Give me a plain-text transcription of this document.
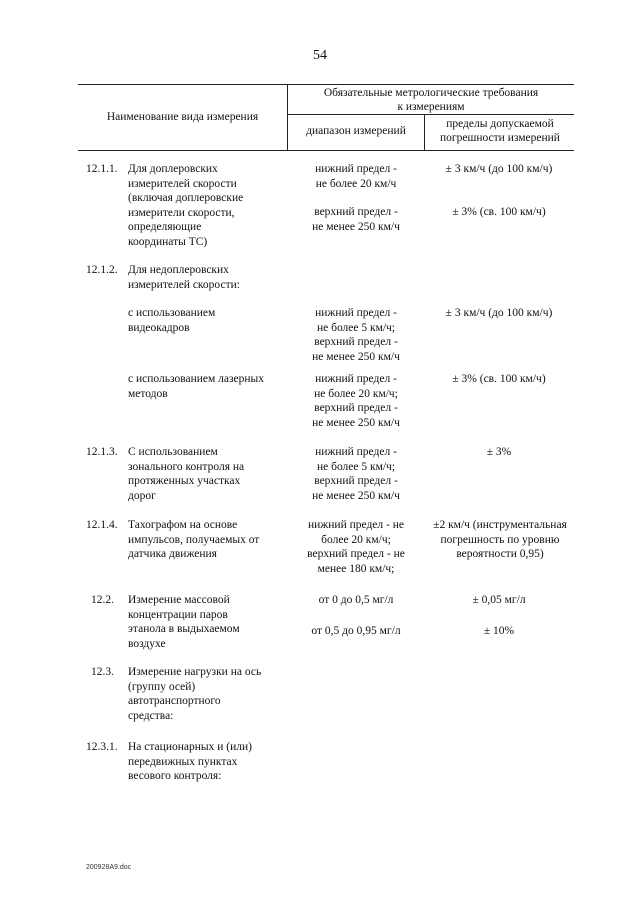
54
Наименование вида измерения
Обязательные метрологические требования
к измерениям
диапазон измерений
пределы допускаемой
погрешности измерений
12.1.1. Для доплеровских
измерителей скорости
(включая доплеровские
измерители скорости,
определяющие
координаты ТС)
нижний предел -
не более 20 км/ч
± 3 км/ч (до 100 км/ч)
верхний предел -
не менее 250 км/ч
± 3% (св. 100 км/ч)
12.1.2. Для недоплеровских
измерителей скорости:
с использованием
видеокадров
нижний предел -
не более 5 км/ч;
верхний предел -
не менее 250 км/ч
± 3 км/ч (до 100 км/ч)
с использованием лазерных
методов
нижний предел -
не более 20 км/ч;
верхний предел -
не менее 250 км/ч
± 3% (св. 100 км/ч)
12.1.3. С использованием
зонального контроля на
протяженных участках
дорог
нижний предел -
не более 5 км/ч;
верхний предел -
не менее 250 км/ч
± 3%
12.1.4. Тахографом на основе
импульсов, получаемых от
датчика движения
нижний предел - не
более 20 км/ч;
верхний предел - не
менее 180 км/ч;
±2 км/ч (инструментальная
погрешность по уровню
вероятности 0,95)
12.2. Измерение массовой
концентрации паров
этанола в выдыхаемом
воздухе
от 0 до 0,5 мг/л	± 0,05 мг/л
от 0,5 до 0,95 мг/л	± 10%
12.3. Измерение нагрузки на ось
(группу осей)
автотранспортного
средства:
12.3.1. На стационарных и (или)
передвижных пунктах
весового контроля:
200928A9.doc
